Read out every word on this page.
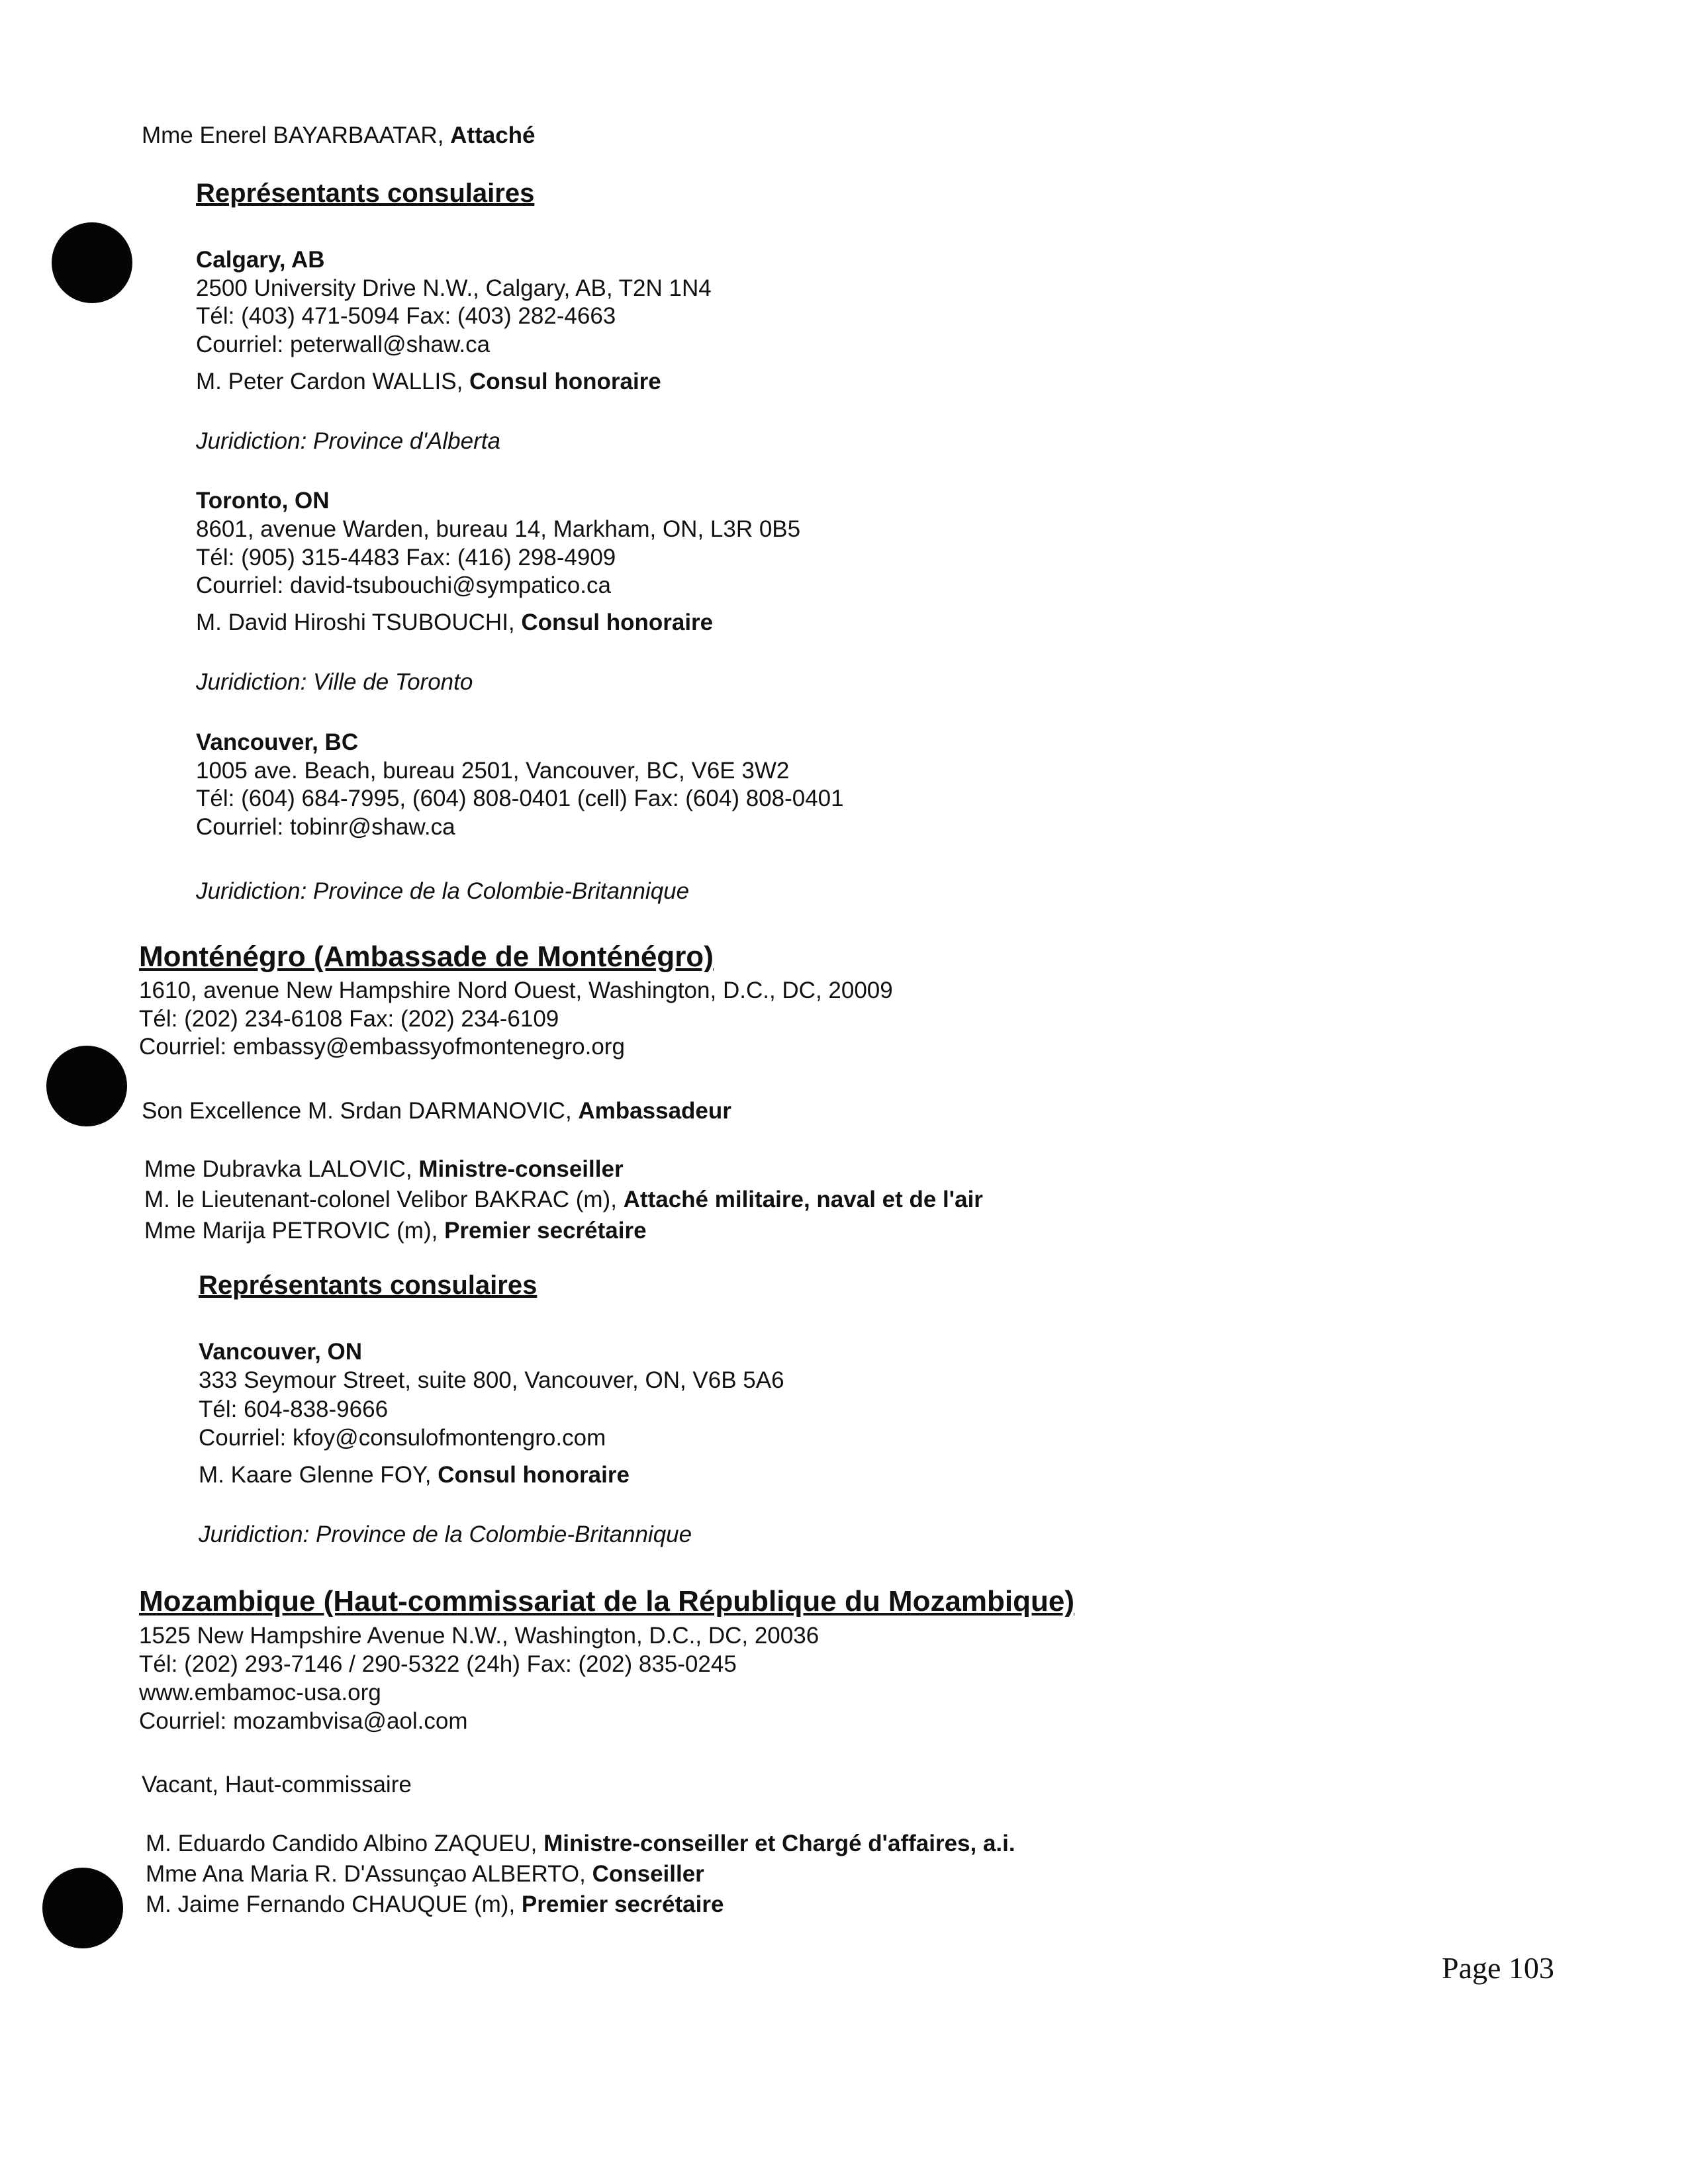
Mme Enerel BAYARBAATAR, Attaché
Représentants consulaires
Calgary, AB
2500 University Drive N.W., Calgary, AB, T2N 1N4
Tél: (403) 471-5094 Fax: (403) 282-4663
Courriel: peterwall@shaw.ca
M. Peter Cardon WALLIS, Consul honoraire
Juridiction: Province d'Alberta
Toronto, ON
8601, avenue Warden, bureau 14, Markham, ON, L3R 0B5
Tél: (905) 315-4483 Fax: (416) 298-4909
Courriel: david-tsubouchi@sympatico.ca
M. David Hiroshi TSUBOUCHI, Consul honoraire
Juridiction: Ville de Toronto
Vancouver, BC
1005 ave. Beach, bureau 2501, Vancouver, BC, V6E 3W2
Tél: (604) 684-7995, (604) 808-0401 (cell) Fax: (604) 808-0401
Courriel: tobinr@shaw.ca
Juridiction: Province de la Colombie-Britannique
Monténégro (Ambassade de Monténégro)
1610, avenue New Hampshire Nord Ouest, Washington, D.C., DC, 20009
Tél: (202) 234-6108 Fax: (202) 234-6109
Courriel: embassy@embassyofmontenegro.org
Son Excellence M. Srdan DARMANOVIC, Ambassadeur
Mme Dubravka LALOVIC, Ministre-conseiller
M. le Lieutenant-colonel Velibor BAKRAC (m), Attaché militaire, naval et de l'air
Mme Marija PETROVIC (m), Premier secrétaire
Représentants consulaires
Vancouver, ON
333 Seymour Street, suite 800, Vancouver, ON, V6B 5A6
Tél: 604-838-9666
Courriel: kfoy@consulofmontengro.com
M. Kaare Glenne FOY, Consul honoraire
Juridiction: Province de la Colombie-Britannique
Mozambique (Haut-commissariat de la République du Mozambique)
1525 New Hampshire Avenue N.W., Washington, D.C., DC, 20036
Tél: (202) 293-7146 / 290-5322 (24h) Fax: (202) 835-0245
www.embamoc-usa.org
Courriel: mozambvisa@aol.com
Vacant, Haut-commissaire
M. Eduardo Candido Albino ZAQUEU, Ministre-conseiller et Chargé d'affaires, a.i.
Mme Ana Maria R. D'Assunçao ALBERTO, Conseiller
M. Jaime Fernando CHAUQUE (m), Premier secrétaire
Page 103
